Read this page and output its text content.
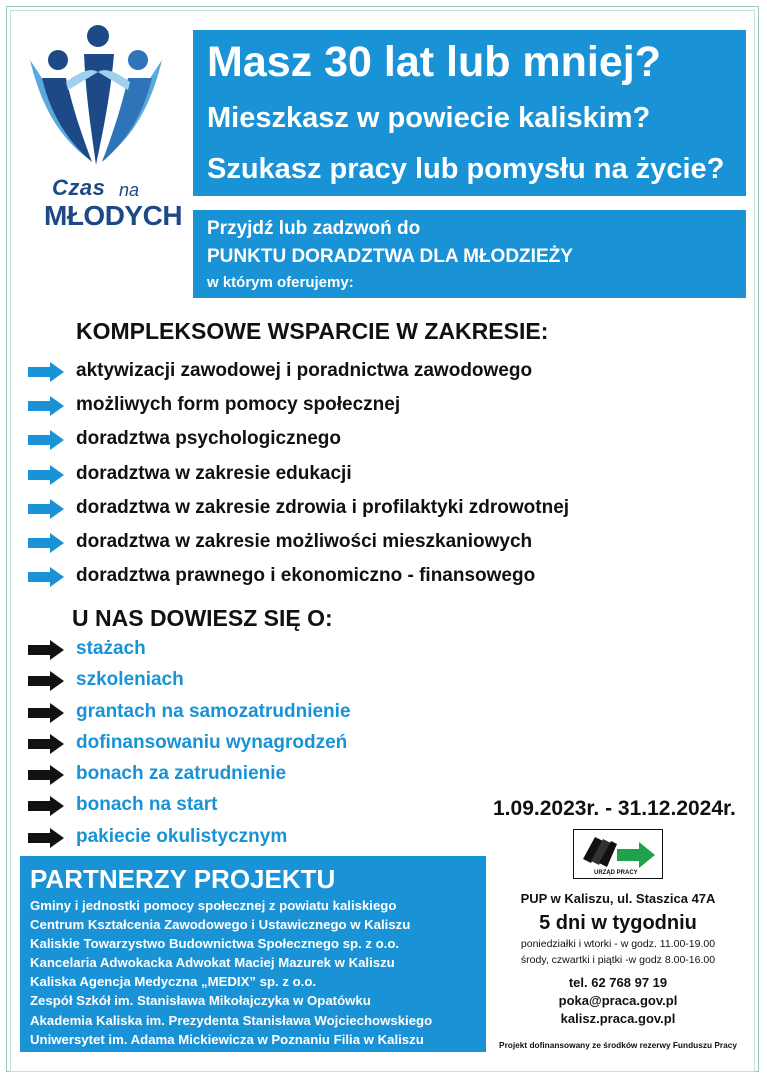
Czas na
MŁODYCH
Masz 30 lat lub mniej?
Mieszkasz w powiecie kaliskim?
Szukasz pracy lub pomysłu na życie?
Przyjdź lub zadzwoń do
PUNKTU DORADZTWA DLA MŁODZIEŻY
w którym oferujemy:
KOMPLEKSOWE WSPARCIE W ZAKRESIE:
aktywizacji zawodowej i poradnictwa zawodowego
możliwych form pomocy społecznej
doradztwa psychologicznego
doradztwa w zakresie edukacji
doradztwa w zakresie zdrowia i profilaktyki zdrowotnej
doradztwa w zakresie możliwości mieszkaniowych
doradztwa prawnego i ekonomiczno - finansowego
U NAS DOWIESZ SIĘ O:
stażach
szkoleniach
grantach na samozatrudnienie
dofinansowaniu wynagrodzeń
bonach za zatrudnienie
bonach na start
pakiecie okulistycznym
1.09.2023r. - 31.12.2024r.
PARTNERZY PROJEKTU
Gminy i jednostki pomocy społecznej z powiatu kaliskiego
Centrum Kształcenia Zawodowego i Ustawicznego w Kaliszu
Kaliskie Towarzystwo Budownictwa Społecznego sp. z o.o.
Kancelaria Adwokacka Adwokat Maciej Mazurek w Kaliszu
Kaliska Agencja Medyczna „MEDIX” sp. z o.o.
Zespół Szkół im. Stanisława Mikołajczyka w Opatówku
Akademia Kaliska im. Prezydenta Stanisława Wojciechowskiego
Uniwersytet im. Adama Mickiewicza w Poznaniu Filia w Kaliszu
URZĄD PRACY
PUP w Kaliszu, ul. Staszica 47A
5 dni w tygodniu
poniedziałki i wtorki - w godz. 11.00-19.00
środy, czwartki i piątki -w godz 8.00-16.00
tel. 62 768 97 19
poka@praca.gov.pl
kalisz.praca.gov.pl
Projekt dofinansowany ze środków rezerwy Funduszu Pracy
